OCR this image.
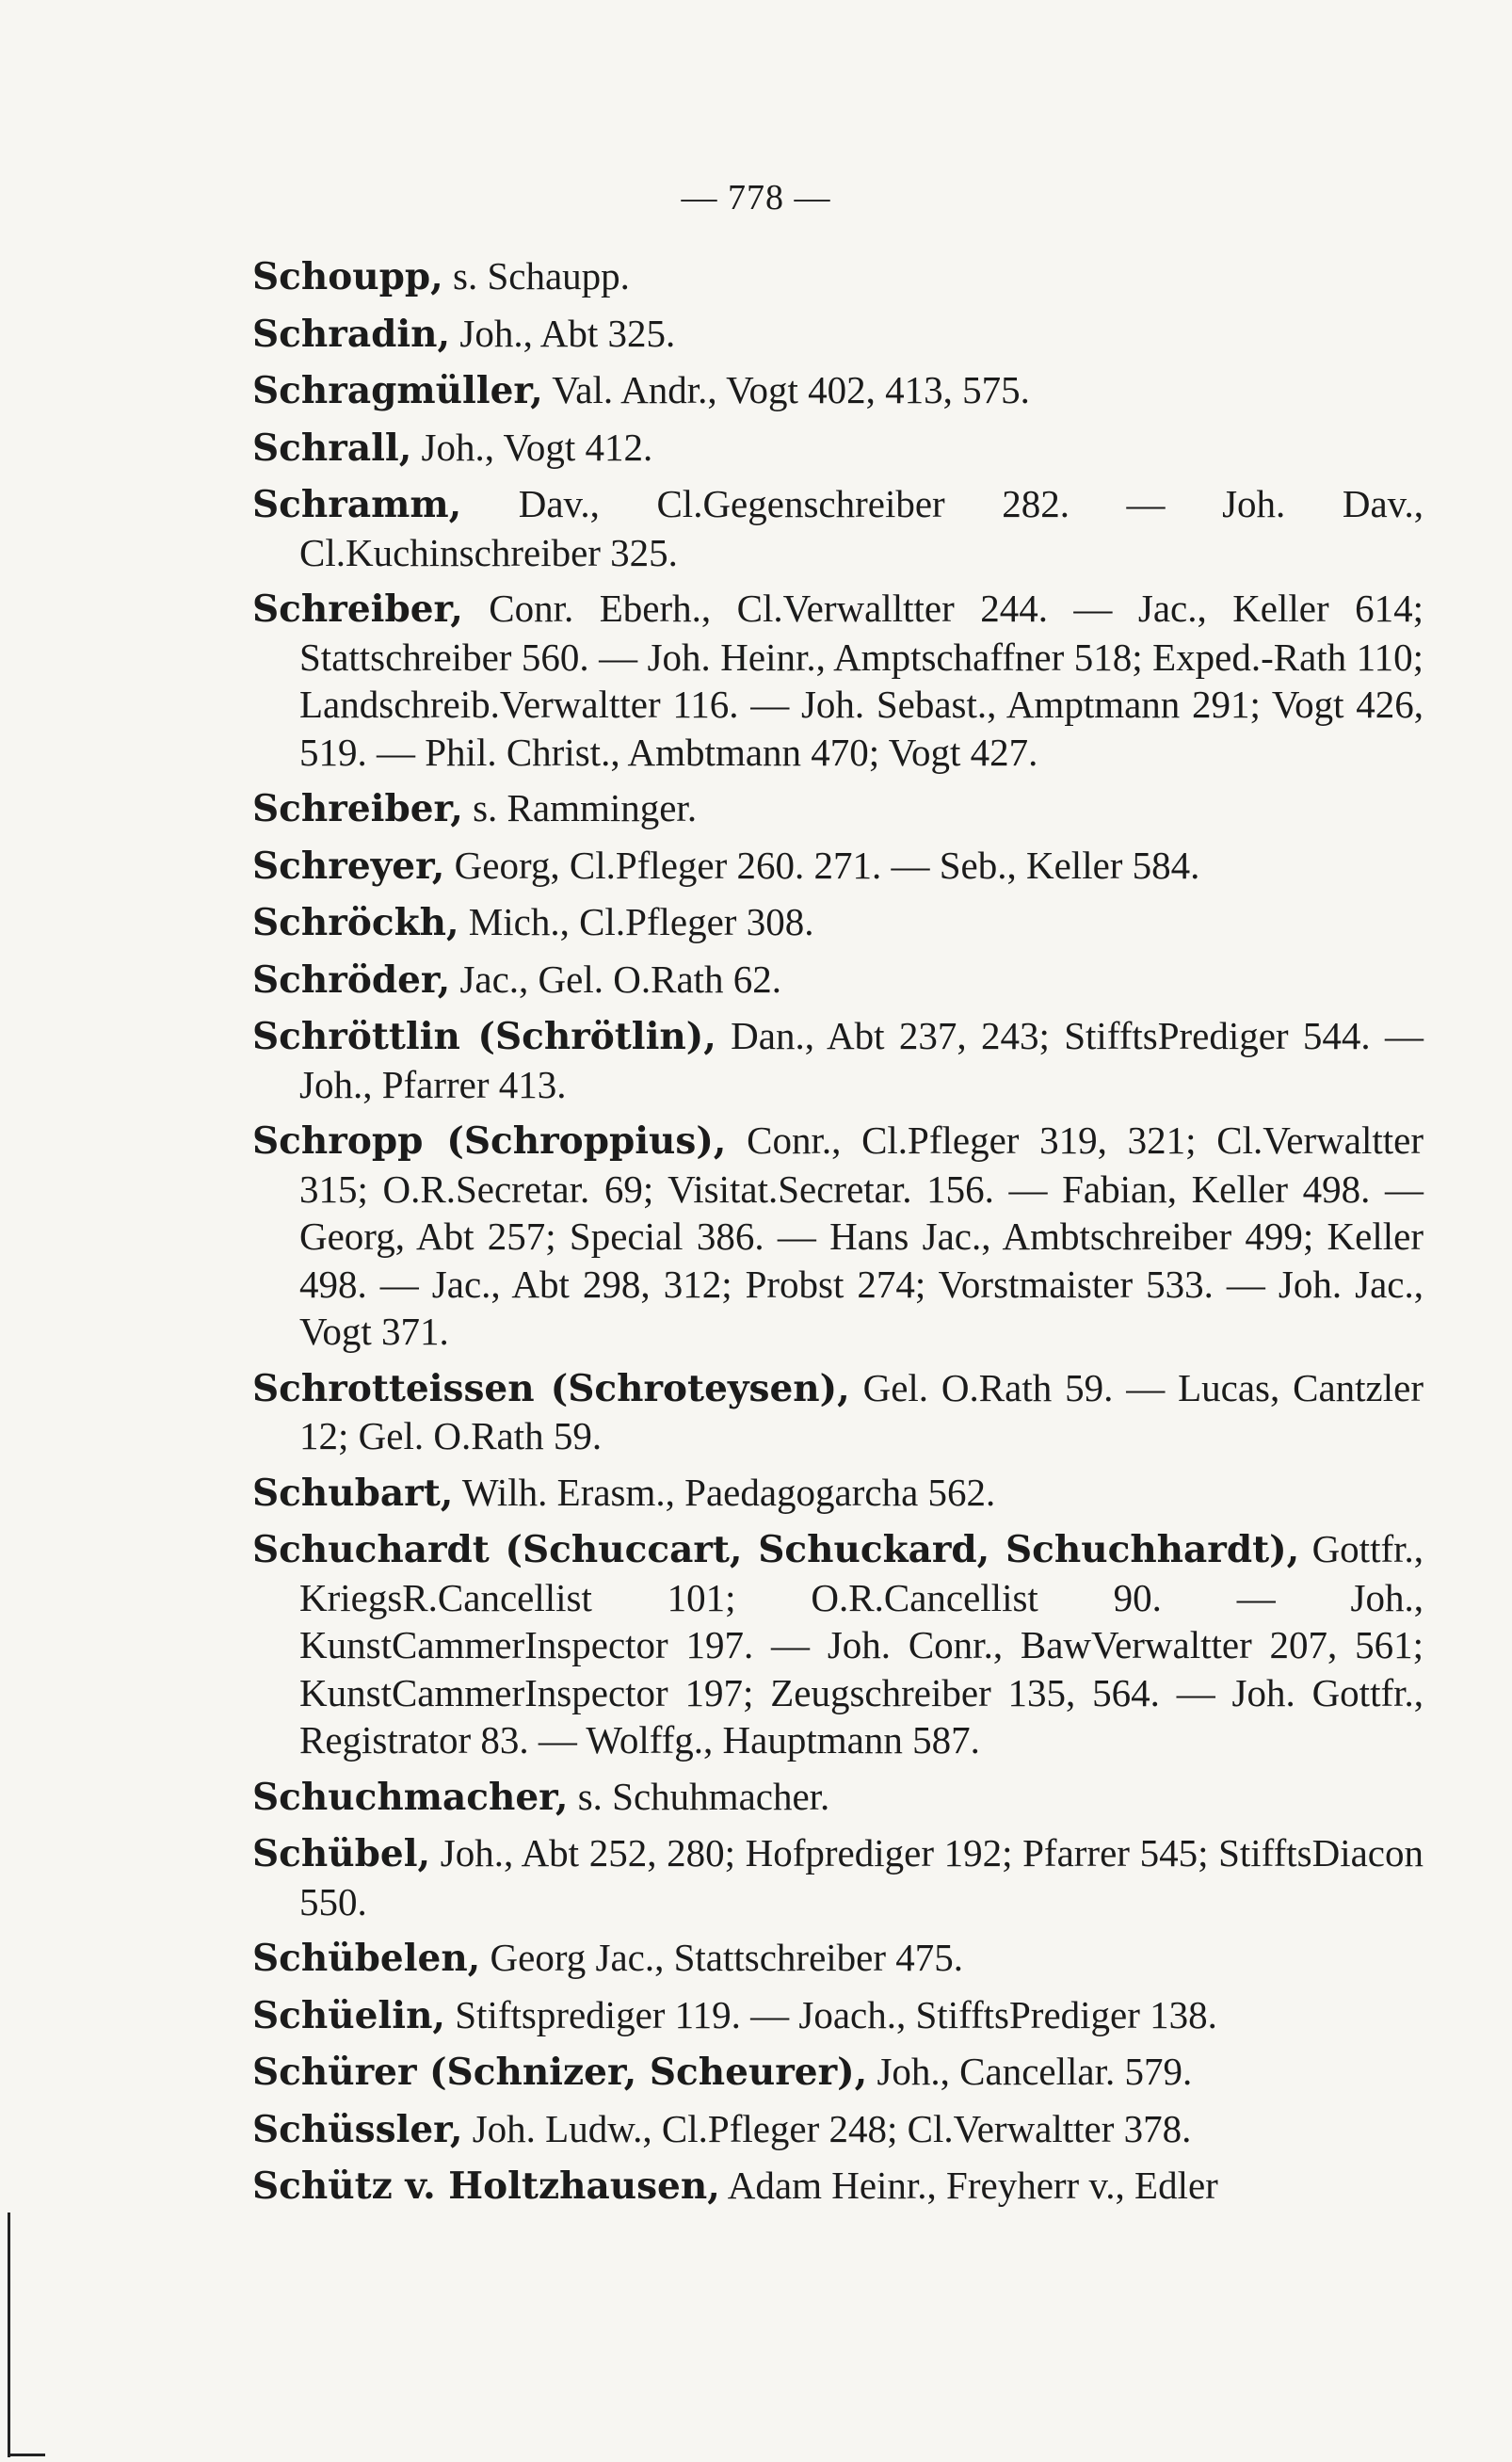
— 778 —

Schoupp, s. Schaupp.

Schradin, Joh., Abt 325.

Schragmüller, Val. Andr., Vogt 402, 413, 575.

Schrall, Joh., Vogt 412.

Schramm, Dav., Cl.Gegenschreiber 282. — Joh. Dav., Cl.Kuchinschreiber 325.

Schreiber, Conr. Eberh., Cl.Verwalltter 244. — Jac., Keller 614; Stattschreiber 560. — Joh. Heinr., Amptschaffner 518; Exped.-Rath 110; Landschreib.Verwaltter 116. — Joh. Sebast., Amptmann 291; Vogt 426, 519. — Phil. Christ., Ambtmann 470; Vogt 427.

Schreiber, s. Ramminger.

Schreyer, Georg, Cl.Pfleger 260. 271. — Seb., Keller 584.

Schröckh, Mich., Cl.Pfleger 308.

Schröder, Jac., Gel. O.Rath 62.

Schröttlin (Schrötlin), Dan., Abt 237, 243; StifftsPrediger 544. — Joh., Pfarrer 413.

Schropp (Schroppius), Conr., Cl.Pfleger 319, 321; Cl.Verwaltter 315; O.R.Secretar. 69; Visitat.Secretar. 156. — Fabian, Keller 498. — Georg, Abt 257; Special 386. — Hans Jac., Ambtschreiber 499; Keller 498. — Jac., Abt 298, 312; Probst 274; Vorstmaister 533. — Joh. Jac., Vogt 371.

Schrotteissen (Schroteysen), Gel. O.Rath 59. — Lucas, Cantzler 12; Gel. O.Rath 59.

Schubart, Wilh. Erasm., Paedagogarcha 562.

Schuchardt (Schuccart, Schuckard, Schuchhardt), Gottfr., KriegsR.Cancellist 101; O.R.Cancellist 90. — Joh., KunstCammerInspector 197. — Joh. Conr., BawVerwaltter 207, 561; KunstCammerInspector 197; Zeugschreiber 135, 564. — Joh. Gottfr., Registrator 83. — Wolffg., Hauptmann 587.

Schuchmacher, s. Schuhmacher.

Schübel, Joh., Abt 252, 280; Hofprediger 192; Pfarrer 545; StifftsDiacon 550.

Schübelen, Georg Jac., Stattschreiber 475.

Schüelin, Stiftsprediger 119. — Joach., StifftsPrediger 138.

Schürer (Schnizer, Scheurer), Joh., Cancellar. 579.

Schüssler, Joh. Ludw., Cl.Pfleger 248; Cl.Verwaltter 378.

Schütz v. Holtzhausen, Adam Heinr., Freyherr v., Edler
